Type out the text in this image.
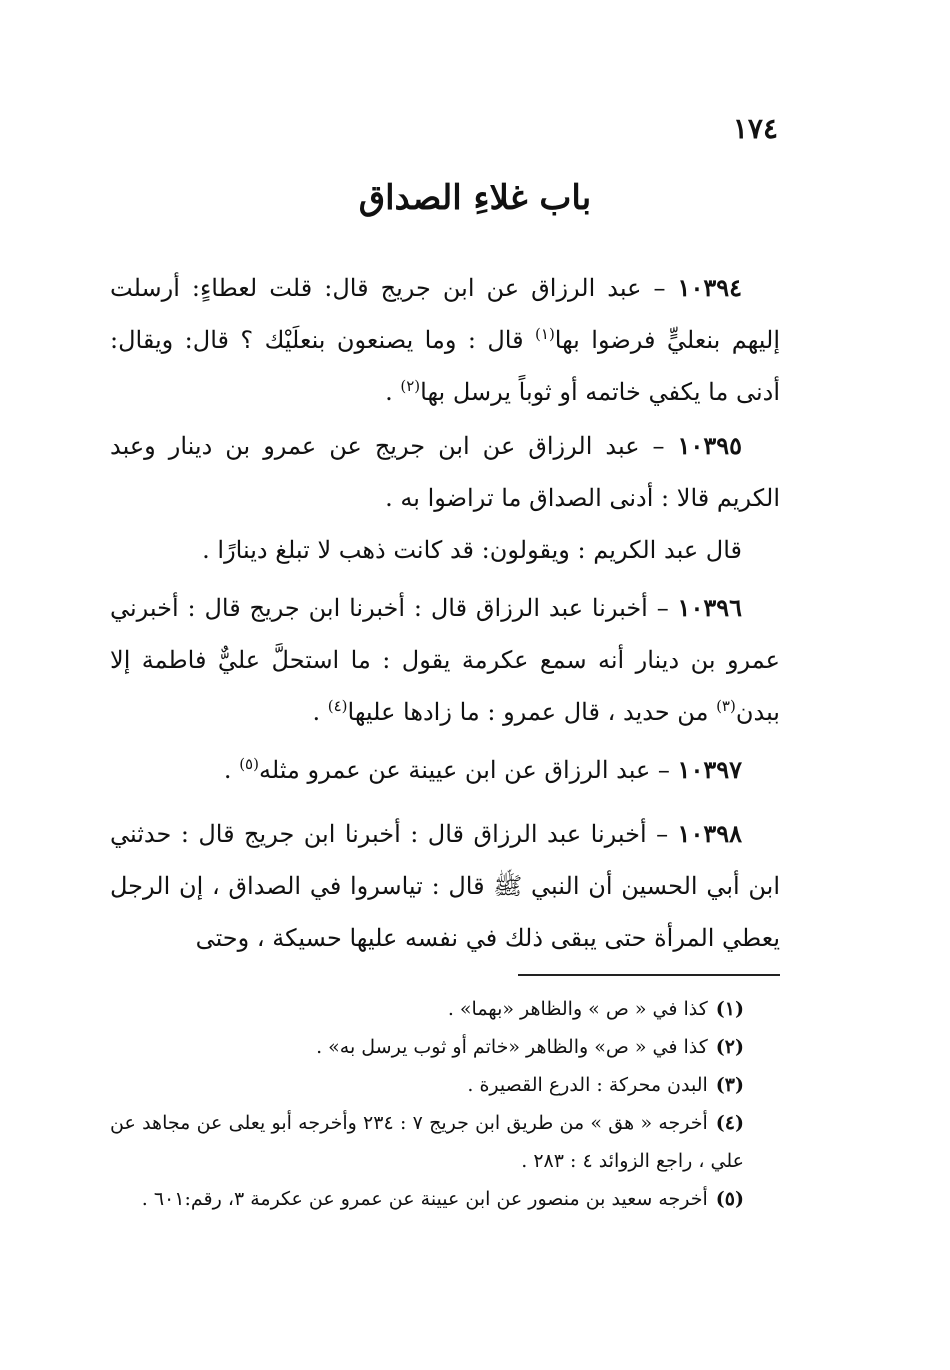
١٧٤
باب غلاءِ الصداق

١٠٣٩٤ – عبد الرزاق عن ابن جريج قال: قلت لعطاءٍ: أرسلت إليهم بنعليٍّ فرضوا بها$^{(١)}$ قال : وما يصنعون بنعلَيْك ؟ قال: ويقال: أدنى ما يكفي خاتمه أو ثوباً يرسل بها$^{(٢)}$ .

١٠٣٩٥ – عبد الرزاق عن ابن جريج عن عمرو بن دينار وعبد الكريم قالا : أدنى الصداق ما تراضوا به .

قال عبد الكريم : ويقولون: قد كانت ذهب لا تبلغ دينارًا .

١٠٣٩٦ – أخبرنا عبد الرزاق قال : أخبرنا ابن جريج قال : أخبرني عمرو بن دينار أنه سمع عكرمة يقول : ما استحلَّ عليٌّ فاطمة إلا ببدن$^{(٣)}$ من حديد ، قال عمرو : ما زادها عليها$^{(٤)}$ .

١٠٣٩٧ – عبد الرزاق عن ابن عيينة عن عمرو مثله$^{(٥)}$ .

١٠٣٩٨ – أخبرنا عبد الرزاق قال : أخبرنا ابن جريج قال : حدثني ابن أبي الحسين أن النبي ﷺ قال : تياسروا في الصداق ، إن الرجل يعطي المرأة حتى يبقى ذلك في نفسه عليها حسيكة ، وحتى

(١)كذا في « ص » والظاهر «بهما» .

(٢)كذا في « ص» والظاهر «خاتم أو ثوب يرسل به» .

(٣)البدن محركة : الدرع القصيرة .

(٤)أخرجه « هق » من طريق ابن جريج ٧ : ٢٣٤ وأخرجه أبو يعلى عن مجاهد عن علي ، راجع الزوائد ٤ : ٢٨٣ .

(٥)أخرجه سعيد بن منصور عن ابن عيينة عن عمرو عن عكرمة ٣، رقم:٦٠١ .
